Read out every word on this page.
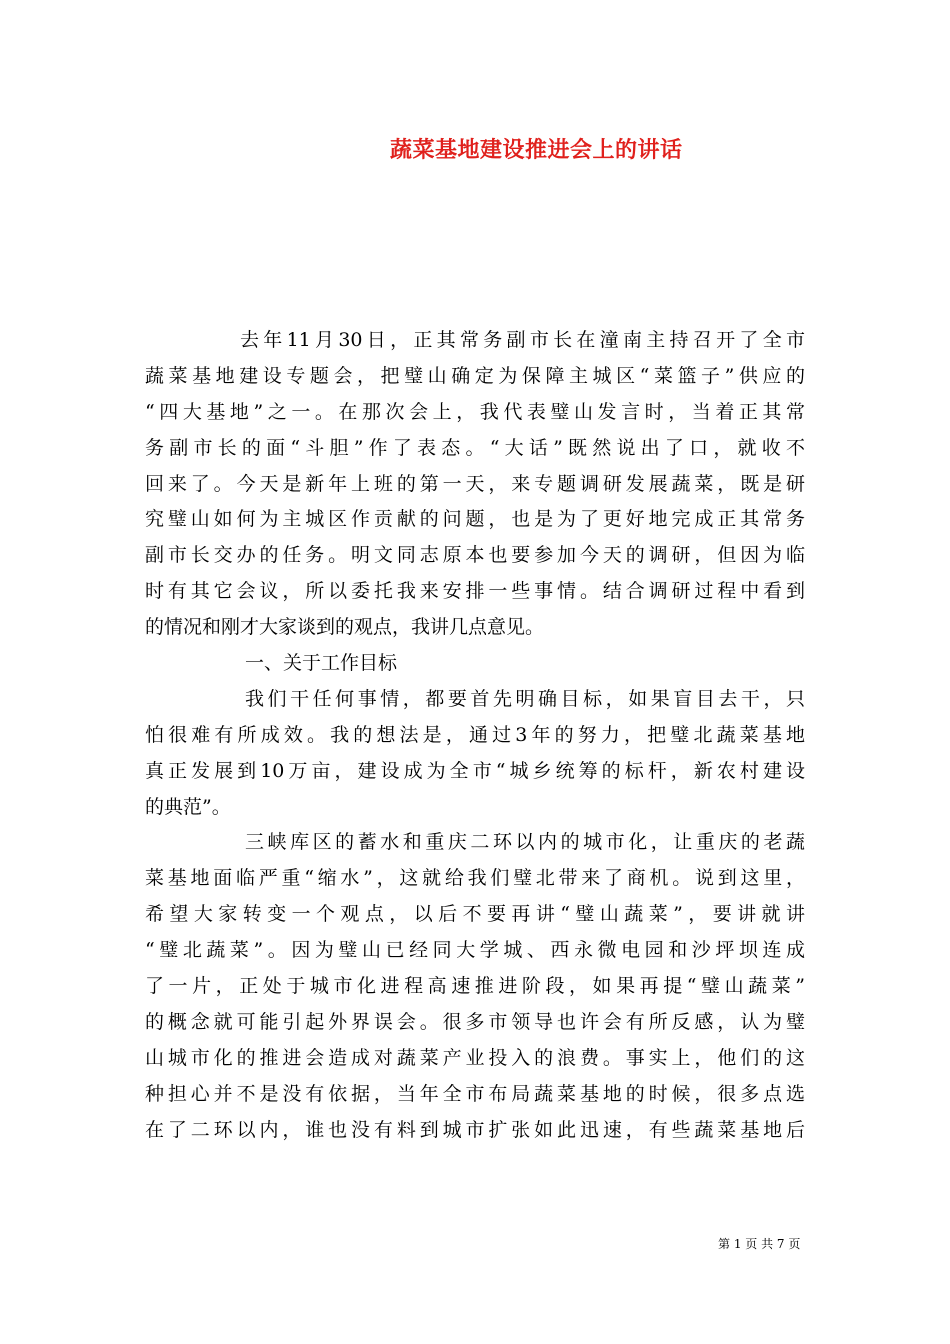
蔬菜基地建设推进会上的讲话
去年11月30日，正其常务副市长在潼南主持召开了全市
蔬菜基地建设专题会，把璧山确定为保障主城区“菜篮子”供应的
“四大基地”之一。在那次会上，我代表璧山发言时，当着正其常
务副市长的面“斗胆”作了表态。“大话”既然说出了口，就收不
回来了。今天是新年上班的第一天，来专题调研发展蔬菜，既是研
究璧山如何为主城区作贡献的问题，也是为了更好地完成正其常务
副市长交办的任务。明文同志原本也要参加今天的调研，但因为临
时有其它会议，所以委托我来安排一些事情。结合调研过程中看到
的情况和刚才大家谈到的观点，我讲几点意见。
一、关于工作目标
我们干任何事情，都要首先明确目标，如果盲目去干，只
怕很难有所成效。我的想法是，通过3年的努力，把璧北蔬菜基地
真正发展到10万亩，建设成为全市“城乡统筹的标杆，新农村建设
的典范”。
三峡库区的蓄水和重庆二环以内的城市化，让重庆的老蔬
菜基地面临严重“缩水”，这就给我们璧北带来了商机。说到这里，
希望大家转变一个观点，以后不要再讲“璧山蔬菜”，要讲就讲
“璧北蔬菜”。因为璧山已经同大学城、西永微电园和沙坪坝连成
了一片，正处于城市化进程高速推进阶段，如果再提“璧山蔬菜”
的概念就可能引起外界误会。很多市领导也许会有所反感，认为璧
山城市化的推进会造成对蔬菜产业投入的浪费。事实上，他们的这
种担心并不是没有依据，当年全市布局蔬菜基地的时候，很多点选
在了二环以内，谁也没有料到城市扩张如此迅速，有些蔬菜基地后
第 1 页 共 7 页
